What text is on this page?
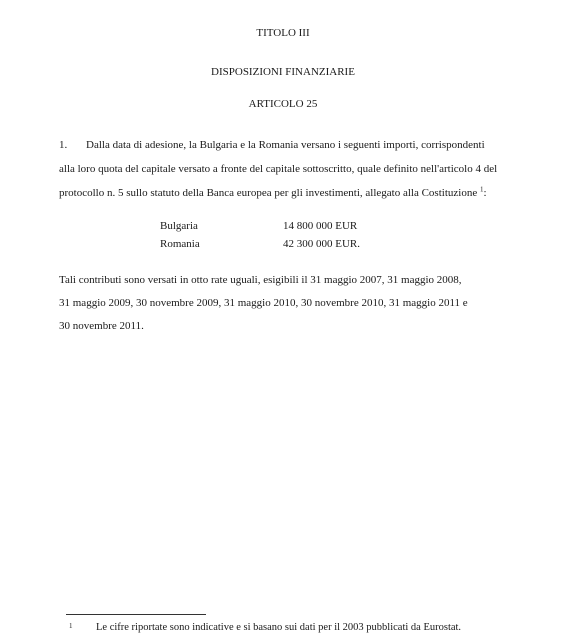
TITOLO III
DISPOSIZIONI FINANZIARIE
ARTICOLO 25
1. Dalla data di adesione, la Bulgaria e la Romania versano i seguenti importi, corrispondenti
alla loro quota del capitale versato a fronte del capitale sottoscritto, quale definito nell'articolo 4 del
protocollo n. 5 sullo statuto della Banca europea per gli investimenti, allegato alla Costituzione $^1$:
Bulgaria	14 800 000 EUR
Romania	42 300 000 EUR.
Tali contributi sono versati in otto rate uguali, esigibili il 31 maggio 2007, 31 maggio 2008,
31 maggio 2009, 30 novembre 2009, 31 maggio 2010, 30 novembre 2010, 31 maggio 2011 e
30 novembre 2011.
1 Le cifre riportate sono indicative e si basano sui dati per il 2003 pubblicati da Eurostat.
